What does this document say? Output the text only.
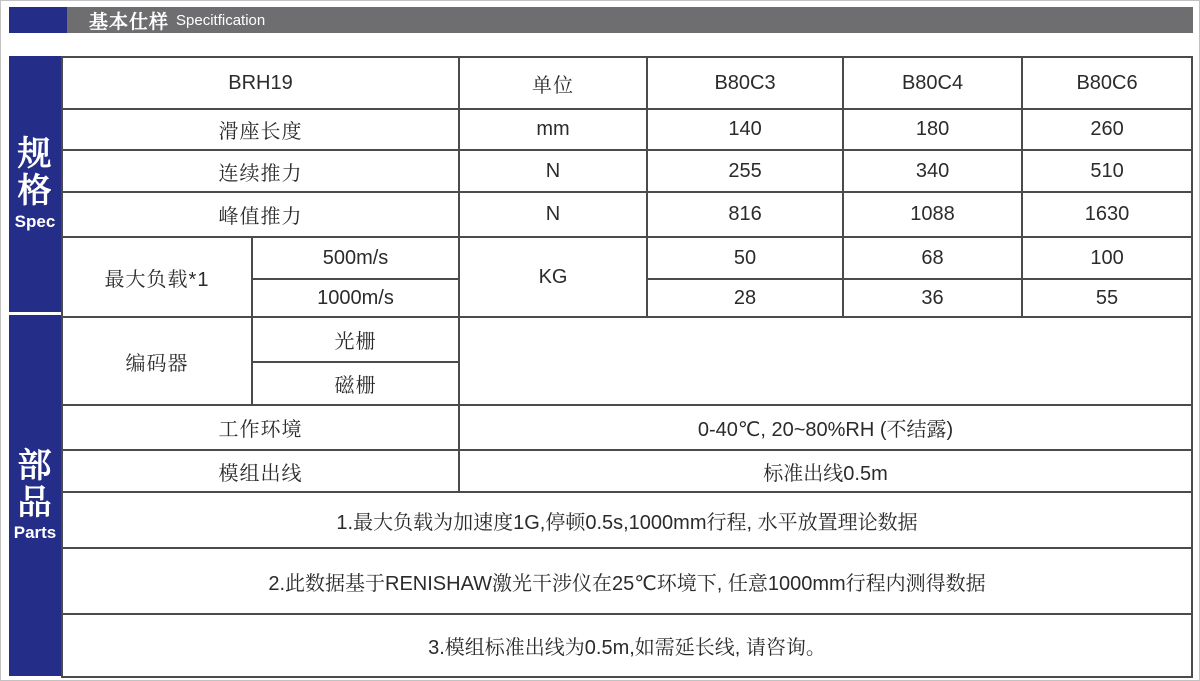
基本仕样 Specitfication
规格
Spec
部品
Parts
BRH19		单位	B80C3	B80C4	B80C6
滑座长度		mm	140	180	260
连续推力		N	255	340	510
峰值推力		N	816	1088	1630
最大负载*1	500m/s	KG	50	68	100
	1000m/s		28	36	55
编码器	光栅				
	磁栅				
工作环境		0-40℃, 20~80%RH (不结露)			
模组出线		标准出线0.5m			
1.最大负载为加速度1G,停顿0.5s,1000mm行程, 水平放置理论数据					
2.此数据基于RENISHAW激光干涉仪在25℃环境下, 任意1000mm行程内测得数据					
3.模组标准出线为0.5m,如需延长线, 请咨询。					
